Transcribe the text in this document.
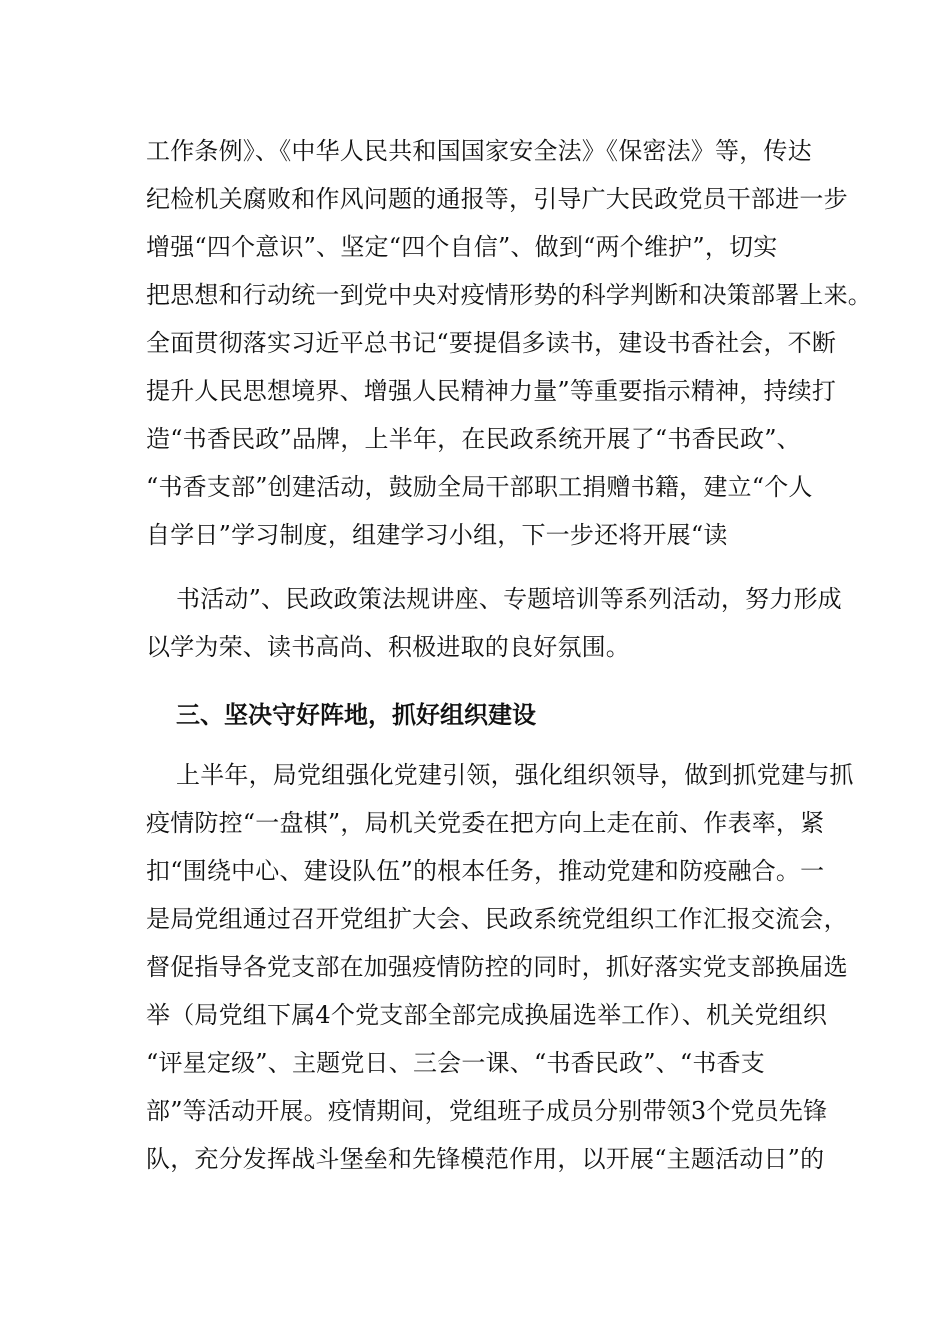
工作条例》、《中华人民共和国国家安全法》《保密法》等，传达
纪检机关腐败和作风问题的通报等，引导广大民政党员干部进一步
增强“四个意识”、坚定“四个自信”、做到“两个维护”，切实
把思想和行动统一到党中央对疫情形势的科学判断和决策部署上来。
全面贯彻落实习近平总书记“要提倡多读书，建设书香社会，不断
提升人民思想境界、增强人民精神力量”等重要指示精神，持续打
造“书香民政”品牌，上半年，在民政系统开展了“书香民政”、
“书香支部”创建活动，鼓励全局干部职工捐赠书籍，建立“个人
自学日”学习制度，组建学习小组，下一步还将开展“读
书活动”、民政政策法规讲座、专题培训等系列活动，努力形成
以学为荣、读书高尚、积极进取的良好氛围。
三、坚决守好阵地，抓好组织建设
上半年，局党组强化党建引领，强化组织领导，做到抓党建与抓
疫情防控“一盘棋”，局机关党委在把方向上走在前、作表率，紧
扣“围绕中心、建设队伍”的根本任务，推动党建和防疫融合。一
是局党组通过召开党组扩大会、民政系统党组织工作汇报交流会，
督促指导各党支部在加强疫情防控的同时，抓好落实党支部换届选
举（局党组下属4个党支部全部完成换届选举工作）、机关党组织
“评星定级”、主题党日、三会一课、“书香民政”、“书香支
部”等活动开展。疫情期间，党组班子成员分别带领3个党员先锋
队，充分发挥战斗堡垒和先锋模范作用，以开展“主题活动日”的
